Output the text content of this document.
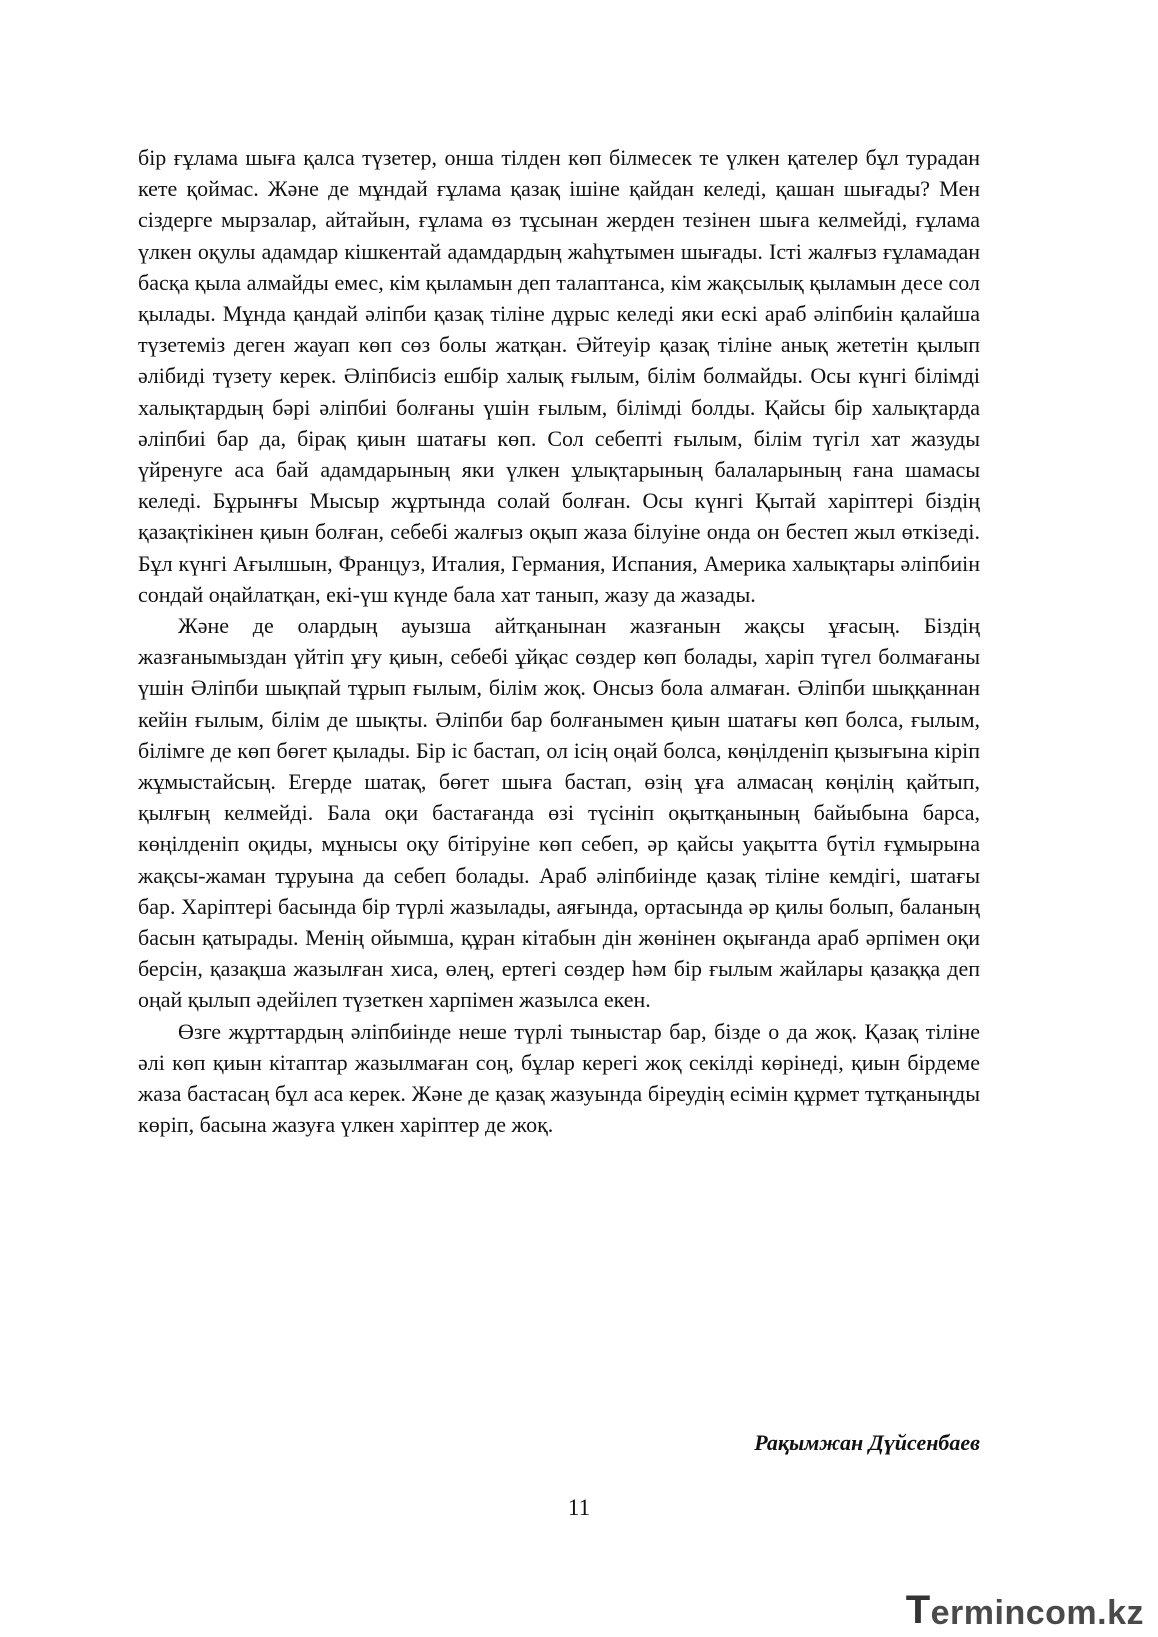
бір ғұлама шыға қалса түзетер, онша тілден көп білмесек те үлкен қателер бұл турадан кете қоймас. Және де мұндай ғұлама қазақ ішіне қайдан келеді, қашан шығады? Мен сіздерге мырзалар, айтайын, ғұлама өз тұсынан жерден тезінен шыға келмейді, ғұлама үлкен оқулы адамдар кішкентай адамдардың жаһұтымен шығады. Істі жалғыз ғұламадан басқа қыла алмайды емес, кім қыламын деп талаптанса, кім жақсылық қыламын десе сол қылады. Мұнда қандай әліпби қазақ тіліне дұрыс келеді яки ескі араб әліпбиін қалайша түзетеміз деген жауап көп сөз болы жатқан. Әйтеуір қазақ тіліне анық жететін қылып әлібиді түзету керек. Әліпбисіз ешбір халық ғылым, білім болмайды. Осы күнгі білімді халықтардың бәрі әліпбиі болғаны үшін ғылым, білімді болды. Қайсы бір халықтарда әліпбиі бар да, бірақ қиын шатағы көп. Сол себепті ғылым, білім түгіл хат жазуды үйренуге аса бай адамдарының яки үлкен ұлықтарының балаларының ғана шамасы келеді. Бұрынғы Мысыр жұртында солай болған. Осы күнгі Қытай харіптері біздің қазақтікінен қиын болған, себебі жалғыз оқып жаза білуіне онда он бестеп жыл өткізеді. Бұл күнгі Ағылшын, Француз, Италия, Германия, Испания, Америка халықтары әліпбиін сондай оңайлатқан, екі-үш күнде бала хат танып, жазу да жазады.

Және де олардың ауызша айтқанынан жазғанын жақсы ұғасың. Біздің жазғанымыздан үйтіп ұғу қиын, себебі ұйқас сөздер көп болады, харіп түгел болмағаны үшін Әліпби шықпай тұрып ғылым, білім жоқ. Онсыз бола алмаған. Әліпби шыққаннан кейін ғылым, білім де шықты. Әліпби бар болғанымен қиын шатағы көп болса, ғылым, білімге де көп бөгет қылады. Бір іс бастап, ол ісің оңай болса, көңілденіп қызығына кіріп жұмыстайсың. Егерде шатақ, бөгет шыға бастап, өзің ұға алмасаң көңілің қайтып, қылғың келмейді. Бала оқи бастағанда өзі түсініп оқытқанының байыбына барса, көңілденіп оқиды, мұнысы оқу бітіруіне көп себеп, әр қайсы уақытта бүтіл ғұмырына жақсы-жаман тұруына да себеп болады. Араб әліпбиінде қазақ тіліне кемдігі, шатағы бар. Харіптері басында бір түрлі жазылады, аяғында, ортасында әр қилы болып, баланың басын қатырады. Менің ойымша, құран кітабын дін жөнінен оқығанда араб әрпімен оқи берсін, қазақша жазылған хиса, өлең, ертегі сөздер һәм бір ғылым жайлары қазаққа деп оңай қылып әдейілеп түзеткен харпімен жазылса екен.

Өзге жұрттардың әліпбиінде неше түрлі тыныстар бар, бізде о да жоқ. Қазақ тіліне әлі көп қиын кітаптар жазылмаған соң, бұлар керегі жоқ секілді көрінеді, қиын бірдеме жаза бастасаң бұл аса керек. Және де қазақ жазуында біреудің есімін құрмет тұтқаныңды көріп, басына жазуға үлкен харіптер де жоқ.

Рақымжан Дүйсенбаев
11
T ermincom.kz
